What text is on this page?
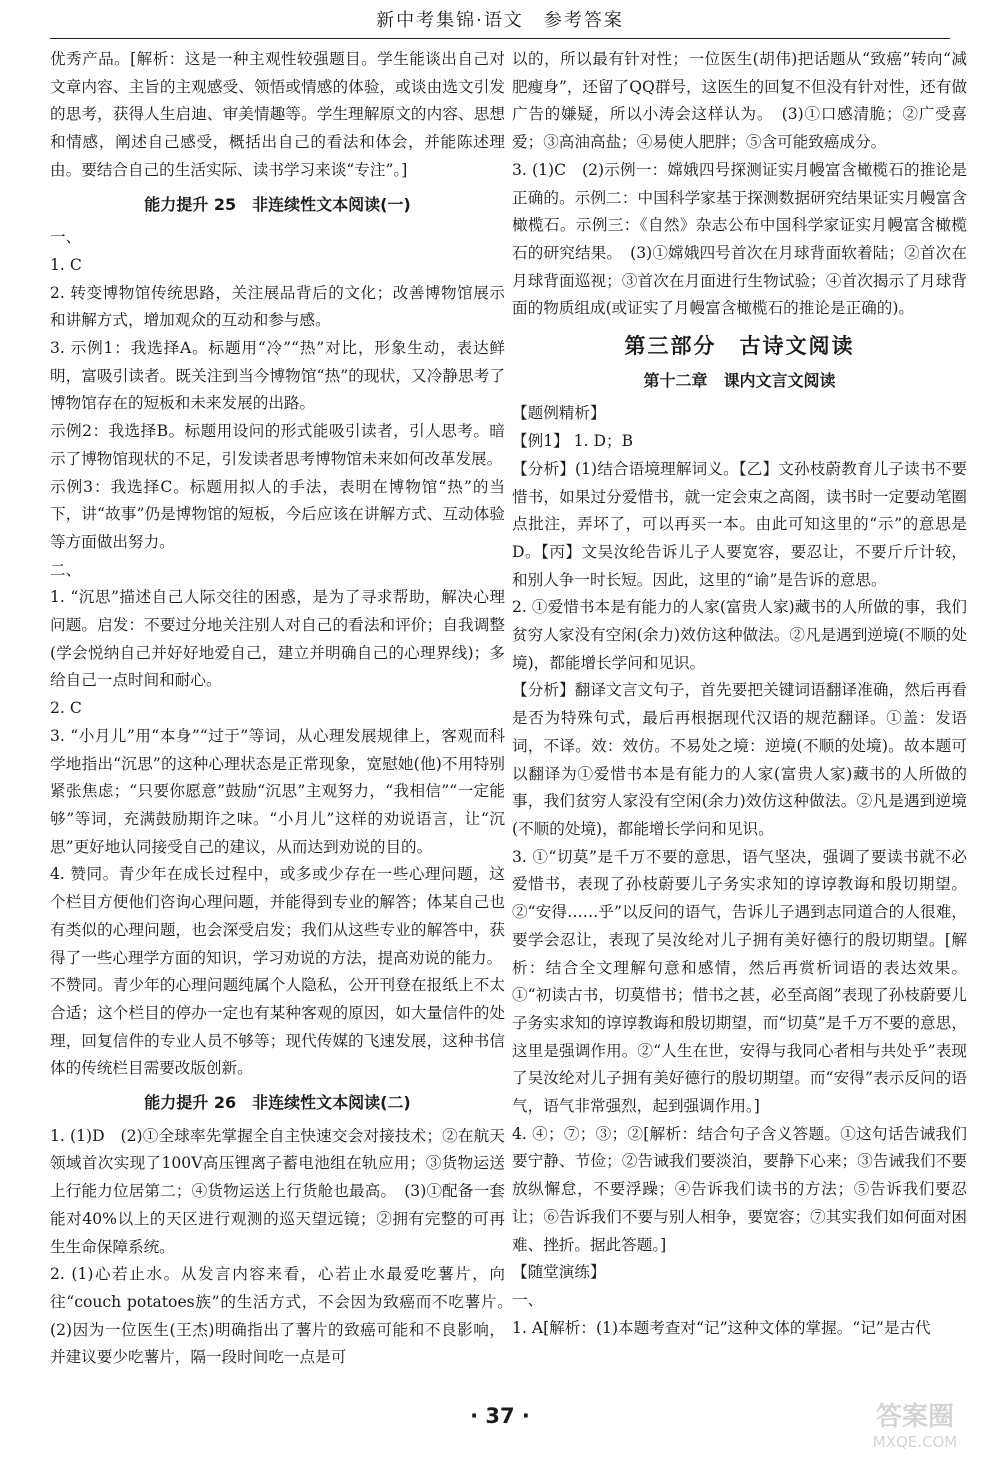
新中考集锦·语文　参考答案

优秀产品。[解析：这是一种主观性较强题目。学生能谈出自己对文章内容、主旨的主观感受、领悟或情感的体验，或谈由选文引发的思考，获得人生启迪、审美情趣等。学生理解原文的内容、思想和情感，阐述自己感受，概括出自己的看法和体会，并能陈述理由。要结合自己的生活实际、读书学习来谈“专注”。]

能力提升 25　非连续性文本阅读(一)

一、

1. C

2. 转变博物馆传统思路，关注展品背后的文化；改善博物馆展示和讲解方式，增加观众的互动和参与感。

3. 示例1：我选择A。标题用“冷”“热”对比，形象生动，表达鲜明，富吸引读者。既关注到当今博物馆“热”的现状，又冷静思考了博物馆存在的短板和未来发展的出路。

示例2：我选择B。标题用设问的形式能吸引读者，引人思考。暗示了博物馆现状的不足，引发读者思考博物馆未来如何改革发展。

示例3：我选择C。标题用拟人的手法，表明在博物馆“热”的当下，讲“故事”仍是博物馆的短板，今后应该在讲解方式、互动体验等方面做出努力。

二、

1. “沉思”描述自己人际交往的困惑，是为了寻求帮助，解决心理问题。启发：不要过分地关注别人对自己的看法和评价；自我调整(学会悦纳自己并好好地爱自己，建立并明确自己的心理界线)；多给自己一点时间和耐心。

2. C

3. “小月儿”用“本身”“过于”等词，从心理发展规律上，客观而科学地指出“沉思”的这种心理状态是正常现象，宽慰她(他)不用特别紧张焦虑；“只要你愿意”鼓励“沉思”主观努力，“我相信”“一定能够”等词，充满鼓励期许之味。“小月儿”这样的劝说语言，让“沉思”更好地认同接受自己的建议，从而达到劝说的目的。

4. 赞同。青少年在成长过程中，或多或少存在一些心理问题，这个栏目方便他们咨询心理问题，并能得到专业的解答；体某自己也有类似的心理问题，也会深受启发；我们从这些专业的解答中，获得了一些心理学方面的知识，学习劝说的方法，提高劝说的能力。

不赞同。青少年的心理问题纯属个人隐私，公开刊登在报纸上不太合适；这个栏目的停办一定也有某种客观的原因，如大量信件的处理，回复信件的专业人员不够等；现代传媒的飞速发展，这种书信体的传统栏目需要改版创新。

能力提升 26　非连续性文本阅读(二)

1. (1)D　(2)①全球率先掌握全自主快速交会对接技术；②在航天领域首次实现了100V高压锂离子蓄电池组在轨应用；③货物运送上行能力位居第二；④货物运送上行货舱也最高。　(3)①配备一套能对40%以上的天区进行观测的巡天望远镜；②拥有完整的可再生生命保障系统。

2. (1)心若止水。从发言内容来看，心若止水最爱吃薯片，向往“couch potatoes族”的生活方式，不会因为致癌而不吃薯片。　(2)因为一位医生(王杰)明确指出了薯片的致癌可能和不良影响，并建议要少吃薯片，隔一段时间吃一点是可

以的，所以最有针对性；一位医生(胡伟)把话题从“致癌”转向“减肥瘦身”，还留了QQ群号，这医生的回复不但没有针对性，还有做广告的嫌疑，所以小涛会这样认为。　(3)①口感清脆；②广受喜爱；③高油高盐；④易使人肥胖；⑤含可能致癌成分。

3. (1)C　(2)示例一：嫦娥四号探测证实月幔富含橄榄石的推论是正确的。示例二：中国科学家基于探测数据研究结果证实月幔富含橄榄石。示例三：《自然》杂志公布中国科学家证实月幔富含橄榄石的研究结果。　(3)①嫦娥四号首次在月球背面软着陆；②首次在月球背面巡视；③首次在月面进行生物试验；④首次揭示了月球背面的物质组成(或证实了月幔富含橄榄石的推论是正确的)。

第三部分　古诗文阅读
第十二章　课内文言文阅读

【题例精析】

【例1】 1. D；B

【分析】(1)结合语境理解词义。【乙】文孙枝蔚教育儿子读书不要惜书，如果过分爱惜书，就一定会束之高阁，读书时一定要动笔圈点批注，弄坏了，可以再买一本。由此可知这里的“示”的意思是D。【丙】文吴汝纶告诉儿子人要宽容，要忍让，不要斤斤计较，和别人争一时长短。因此，这里的“谕”是告诉的意思。

2. ①爱惜书本是有能力的人家(富贵人家)藏书的人所做的事，我们贫穷人家没有空闲(余力)效仿这种做法。②凡是遇到逆境(不顺的处境)，都能增长学问和见识。

【分析】翻译文言文句子，首先要把关键词语翻译准确，然后再看是否为特殊句式，最后再根据现代汉语的规范翻译。①盖：发语词，不译。效：效仿。不易处之境：逆境(不顺的处境)。故本题可以翻译为①爱惜书本是有能力的人家(富贵人家)藏书的人所做的事，我们贫穷人家没有空闲(余力)效仿这种做法。②凡是遇到逆境(不顺的处境)，都能增长学问和见识。

3. ①“切莫”是千万不要的意思，语气坚决，强调了要读书就不必爱惜书，表现了孙枝蔚要儿子务实求知的谆谆教诲和殷切期望。②“安得……乎”以反问的语气，告诉儿子遇到志同道合的人很难，要学会忍让，表现了吴汝纶对儿子拥有美好德行的殷切期望。[解析：结合全文理解句意和感情，然后再赏析词语的表达效果。①“初读古书，切莫惜书；惜书之甚，必至高阁”表现了孙枝蔚要儿子务实求知的谆谆教诲和殷切期望，而“切莫”是千万不要的意思，这里是强调作用。②“人生在世，安得与我同心者相与共处乎”表现了吴汝纶对儿子拥有美好德行的殷切期望。而“安得”表示反问的语气，语气非常强烈，起到强调作用。]

4. ④；⑦；③；②[解析：结合句子含义答题。①这句话告诫我们要宁静、节俭；②告诫我们要淡泊，要静下心来；③告诫我们不要放纵懈怠，不要浮躁；④告诉我们读书的方法；⑤告诉我们要忍让；⑥告诉我们不要与别人相争，要宽容；⑦其实我们如何面对困难、挫折。据此答题。]

【随堂演练】

一、

1. A[解析：(1)本题考查对“记”这种文体的掌握。“记”是古代

· 37 ·	答案圈
MXQE.COM
